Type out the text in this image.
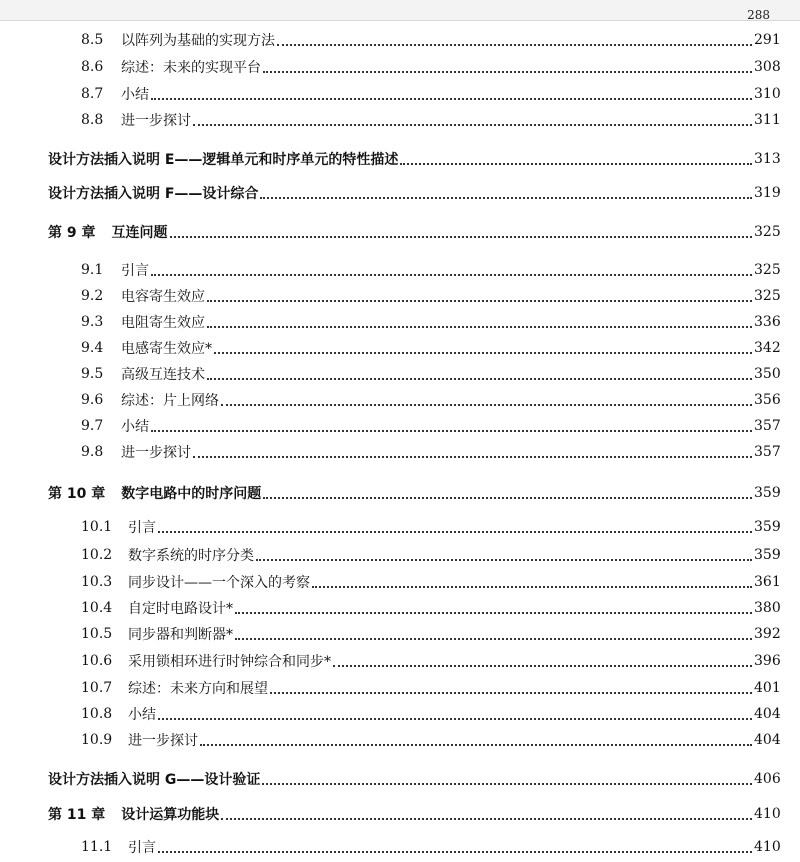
288
8.5	以阵列为基础的实现方法	291
8.6	综述：未来的实现平台	308
8.7	小结	310
8.8	进一步探讨	311
设计方法插入说明 E——逻辑单元和时序单元的特性描述	313
设计方法插入说明 F——设计综合	319
第 9 章 互连问题	325
9.1	引言	325
9.2	电容寄生效应	325
9.3	电阻寄生效应	336
9.4	电感寄生效应*	342
9.5	高级互连技术	350
9.6	综述：片上网络	356
9.7	小结	357
9.8	进一步探讨	357
第 10 章 数字电路中的时序问题	359
10.1	引言	359
10.2	数字系统的时序分类	359
10.3	同步设计——一个深入的考察	361
10.4	自定时电路设计*	380
10.5	同步器和判断器*	392
10.6	采用锁相环进行时钟综合和同步*	396
10.7	综述：未来方向和展望	401
10.8	小结	404
10.9	进一步探讨	404
设计方法插入说明 G——设计验证	406
第 11 章 设计运算功能块	410
11.1	引言	410
